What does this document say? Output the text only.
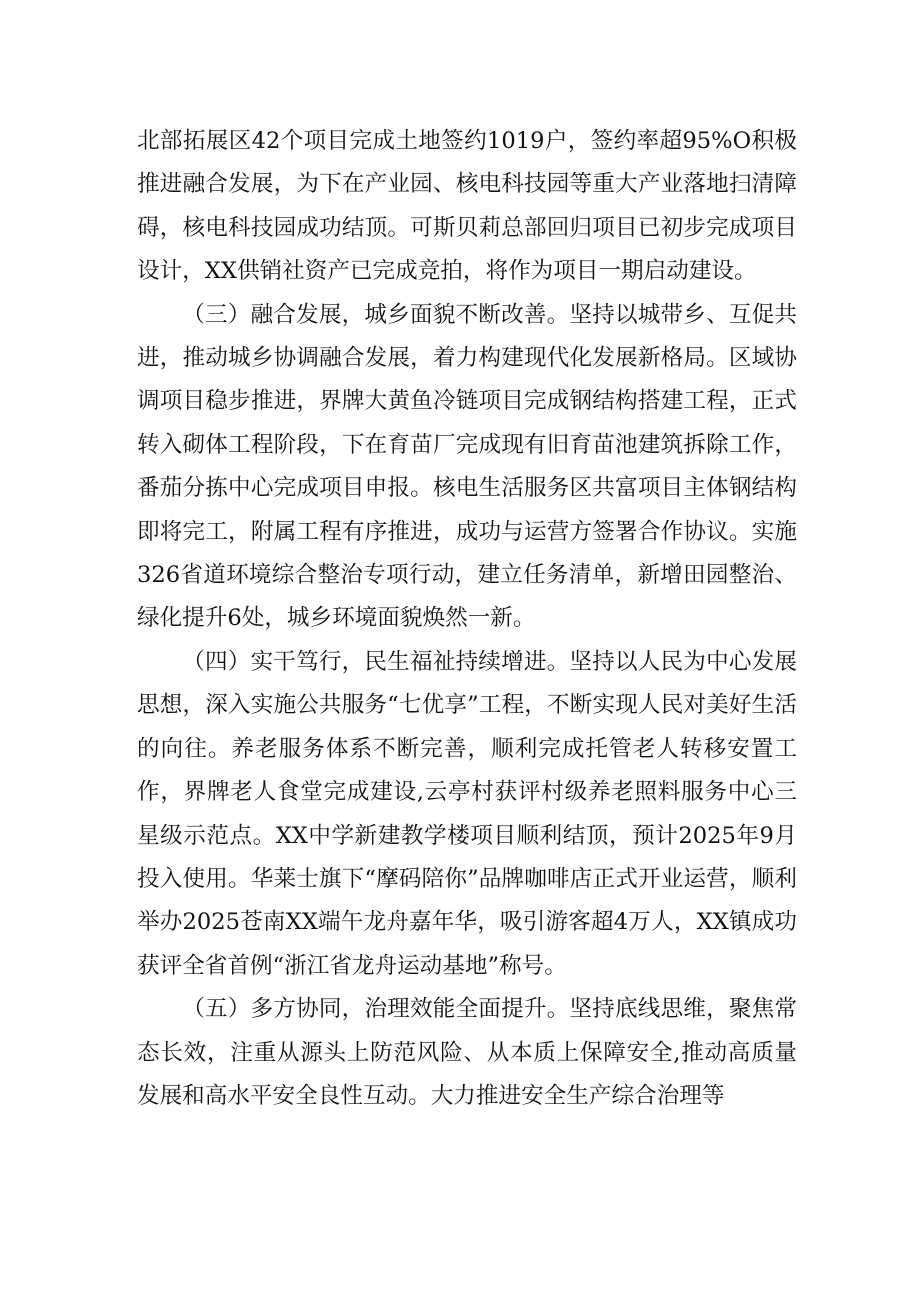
北部拓展区42个项目完成土地签约1019户，签约率超95%O积极推进融合发展，为下在产业园、核电科技园等重大产业落地扫清障碍，核电科技园成功结顶。可斯贝莉总部回归项目已初步完成项目设计，XX供销社资产已完成竞拍，将作为项目一期启动建设。

（三）融合发展，城乡面貌不断改善。坚持以城带乡、互促共进，推动城乡协调融合发展，着力构建现代化发展新格局。区域协调项目稳步推进，界牌大黄鱼冷链项目完成钢结构搭建工程，正式转入砌体工程阶段，下在育苗厂完成现有旧育苗池建筑拆除工作，番茄分拣中心完成项目申报。核电生活服务区共富项目主体钢结构即将完工，附属工程有序推进，成功与运营方签署合作协议。实施326省道环境综合整治专项行动，建立任务清单，新增田园整治、绿化提升6处，城乡环境面貌焕然一新。

（四）实干笃行，民生福祉持续增进。坚持以人民为中心发展思想，深入实施公共服务“七优享”工程，不断实现人民对美好生活的向往。养老服务体系不断完善，顺利完成托管老人转移安置工作，界牌老人食堂完成建设,云亭村获评村级养老照料服务中心三星级示范点。XX中学新建教学楼项目顺利结顶，预计2025年9月投入使用。华莱士旗下“摩码陪你”品牌咖啡店正式开业运营，顺利举办2025苍南XX端午龙舟嘉年华，吸引游客超4万人，XX镇成功获评全省首例“浙江省龙舟运动基地”称号。

（五）多方协同，治理效能全面提升。坚持底线思维，聚焦常态长效，注重从源头上防范风险、从本质上保障安全,推动高质量发展和高水平安全良性互动。大力推进安全生产综合治理等
